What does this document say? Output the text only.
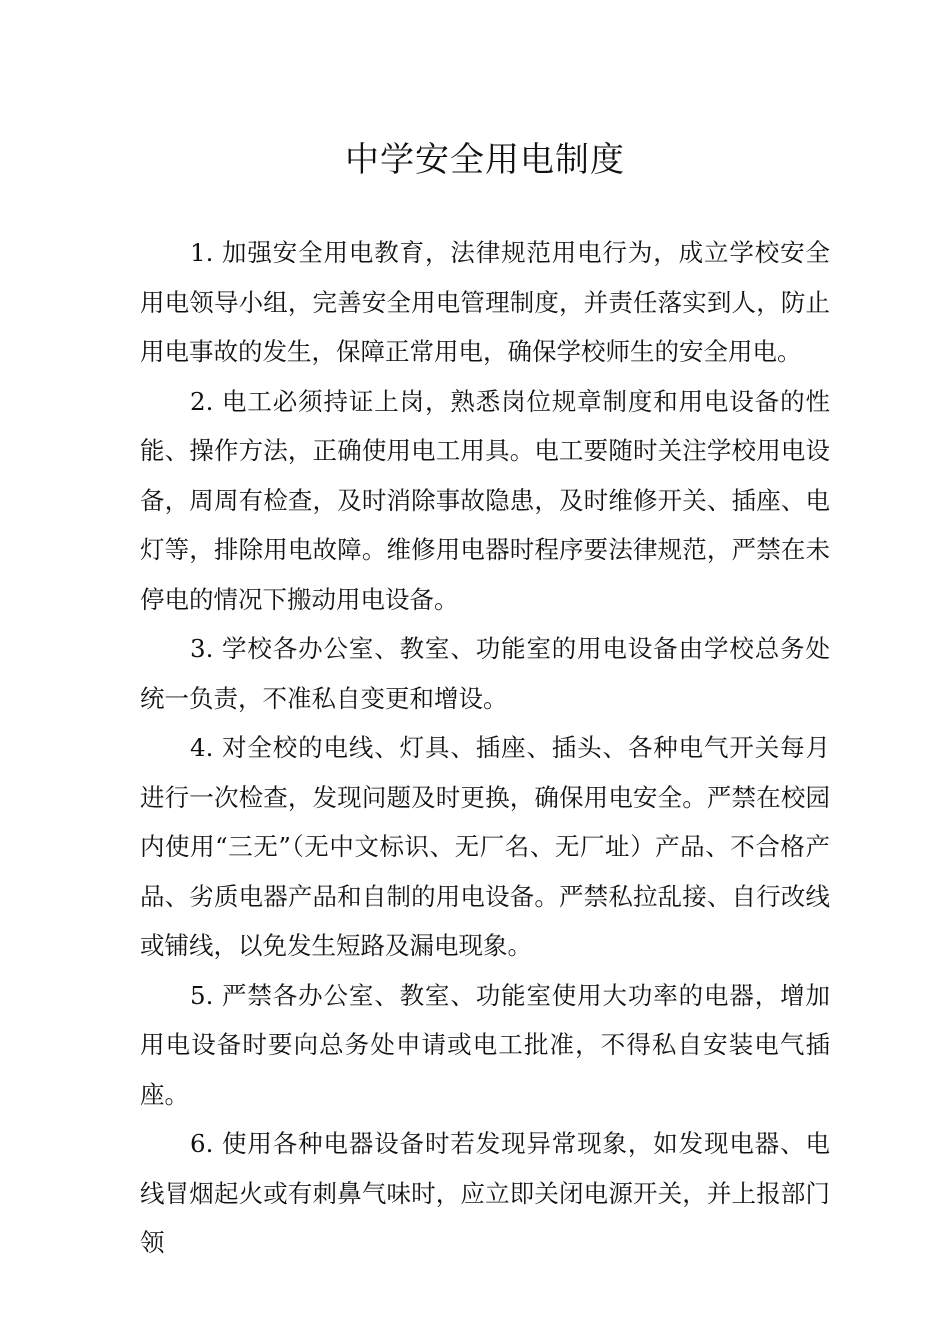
中学安全用电制度

1. 加强安全用电教育，法律规范用电行为，成立学校安全用电领导小组，完善安全用电管理制度，并责任落实到人，防止用电事故的发生，保障正常用电，确保学校师生的安全用电。

2. 电工必须持证上岗，熟悉岗位规章制度和用电设备的性能、操作方法，正确使用电工用具。电工要随时关注学校用电设备，周周有检查，及时消除事故隐患，及时维修开关、插座、电灯等，排除用电故障。维修用电器时程序要法律规范，严禁在未停电的情况下搬动用电设备。

3. 学校各办公室、教室、功能室的用电设备由学校总务处统一负责，不准私自变更和增设。

4. 对全校的电线、灯具、插座、插头、各种电气开关每月进行一次检查，发现问题及时更换，确保用电安全。严禁在校园内使用“三无”（无中文标识、无厂名、无厂址）产品、不合格产品、劣质电器产品和自制的用电设备。严禁私拉乱接、自行改线或铺线，以免发生短路及漏电现象。

5. 严禁各办公室、教室、功能室使用大功率的电器，增加用电设备时要向总务处申请或电工批准，不得私自安装电气插座。

6. 使用各种电器设备时若发现异常现象，如发现电器、电线冒烟起火或有刺鼻气味时，应立即关闭电源开关，并上报部门领
